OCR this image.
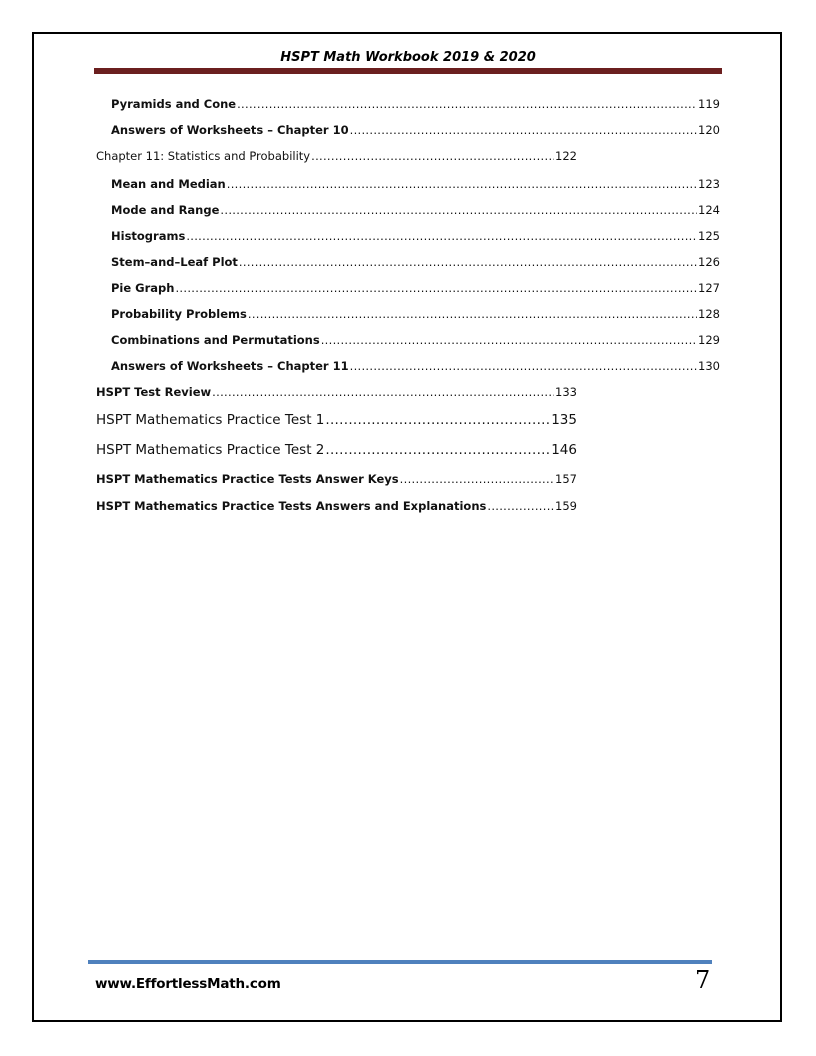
HSPT Math Workbook 2019 & 2020
Pyramids and Cone .....	119
Answers of Worksheets – Chapter 10 .....	120
Chapter 11: Statistics and Probability .....	122
Mean and Median .....	123
Mode and Range .....	124
Histograms .....	125
Stem–and–Leaf Plot .....	126
Pie Graph .....	127
Probability Problems .....	128
Combinations and Permutations .....	129
Answers of Worksheets – Chapter 11 .....	130
HSPT Test Review .....	133
HSPT Mathematics Practice Test 1 .....	135
HSPT Mathematics Practice Test 2 .....	146
HSPT Mathematics Practice Tests Answer Keys .....	157
HSPT Mathematics Practice Tests Answers and Explanations .....	159
www.EffortlessMath.com	7
